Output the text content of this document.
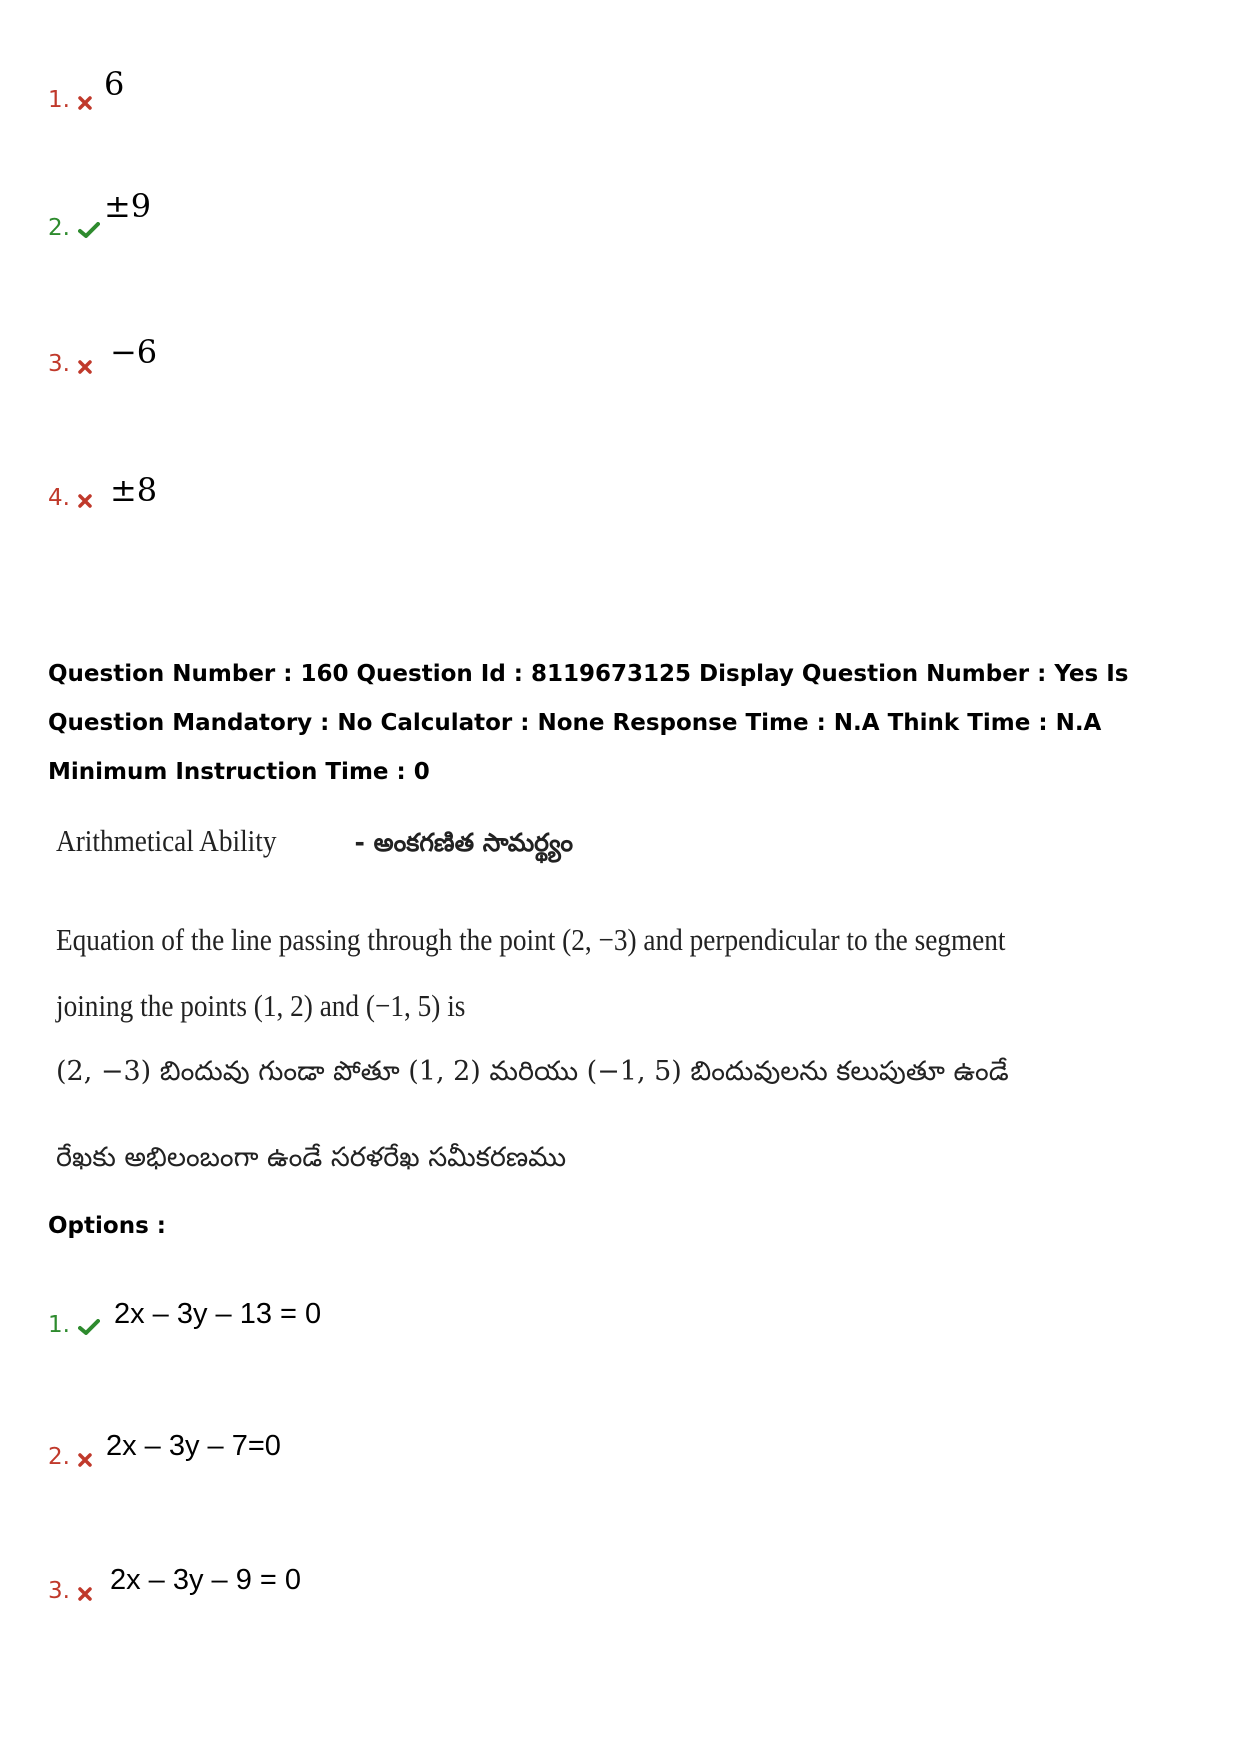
1. 6
2.
±9
3. −6
4. ±8
Question Number : 160 Question Id : 8119673125 Display Question Number : Yes Is Question Mandatory : No Calculator : None Response Time : N.A Think Time : N.A Minimum Instruction Time : 0
Arithmetical Ability	- అంకగణిత సామర్థ్యం
Equation of the line passing through the point (2, −3) and perpendicular to the segment
joining the points (1, 2) and (−1, 5) is
(2, −3) బిందువు గుండా పోతూ (1, 2) మరియు (−1, 5) బిందువులను కలుపుతూ ఉండే
రేఖకు అభిలంబంగా ఉండే సరళరేఖ సమీకరణము
Options :
1. 2x – 3y – 13 = 0
2. 2x – 3y – 7=0
3. 2x – 3y – 9 = 0
